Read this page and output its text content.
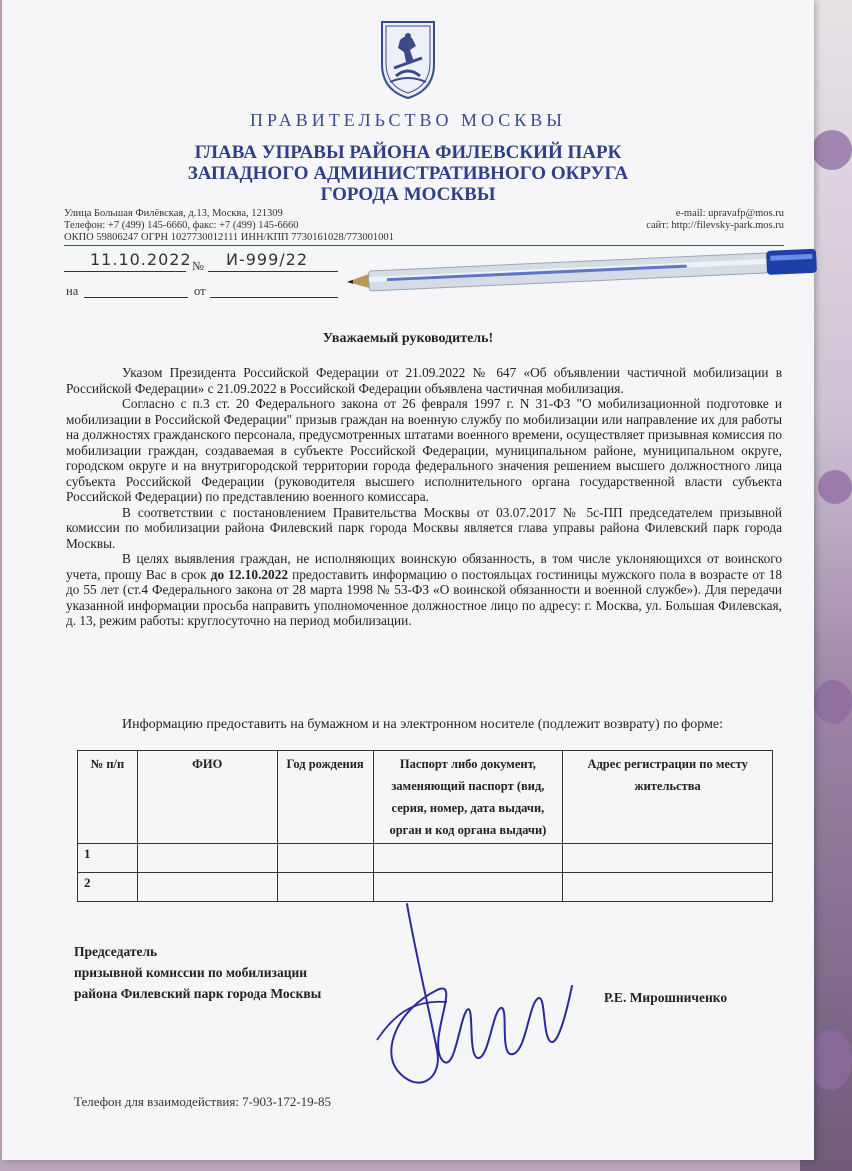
ПРАВИТЕЛЬСТВО МОСКВЫ
ГЛАВА УПРАВЫ РАЙОНА ФИЛЕВСКИЙ ПАРК
ЗАПАДНОГО АДМИНИСТРАТИВНОГО ОКРУГА
ГОРОДА МОСКВЫ
Улица Большая Филёвская, д.13, Москва, 121309
Телефон: +7 (499) 145-6660, факс: +7 (499) 145-6660
ОКПО 59806247 ОГРН 1027730012111 ИНН/КПП 7730161028/773001001
e-mail: upravafp@mos.ru
сайт: http://filevsky-park.mos.ru
11.10.2022 № И-999/22
на	от
Уважаемый руководитель!

Указом Президента Российской Федерации от 21.09.2022 № 647 «Об объявлении частичной мобилизации в Российской Федерации» с 21.09.2022 в Российской Федерации объявлена частичная мобилизация.

Согласно с п.3 ст. 20 Федерального закона от 26 февраля 1997 г. N 31-ФЗ "О мобилизационной подготовке и мобилизации в Российской Федерации" призыв граждан на военную службу по мобилизации или направление их для работы на должностях гражданского персонала, предусмотренных штатами военного времени, осуществляет призывная комиссия по мобилизации граждан, создаваемая в субъекте Российской Федерации, муниципальном районе, муниципальном округе, городском округе и на внутригородской территории города федерального значения решением высшего должностного лица субъекта Российской Федерации (руководителя высшего исполнительного органа государственной власти субъекта Российской Федерации) по представлению военного комиссара.

В соответствии с постановлением Правительства Москвы от 03.07.2017 № 5с-ПП председателем призывной комиссии по мобилизации района Филевский парк города Москвы является глава управы района Филевский парк города Москвы.

В целях выявления граждан, не исполняющих воинскую обязанность, в том числе уклоняющихся от воинского учета, прошу Вас в срок до 12.10.2022 предоставить информацию о постояльцах гостиницы мужского пола в возрасте от 18 до 55 лет (ст.4 Федерального закона от 28 марта 1998 № 53-ФЗ «О воинской обязанности и военной службе»). Для передачи указанной информации просьба направить уполномоченное должностное лицо по адресу: г. Москва, ул. Большая Филевская, д. 13, режим работы: круглосуточно на период мобилизации.

Информацию предоставить на бумажном и на электронном носителе (подлежит возврату) по форме:
№ п/п	ФИО	Год рождения	Паспорт либо документ, заменяющий паспорт (вид, серия, номер, дата выдачи, орган и код органа выдачи)	Адрес регистрации по месту жительства
1				
2				
Председатель
призывной комиссии по мобилизации
района Филевский парк города Москвы	Р.Е. Мирошниченко
Телефон для взаимодействия: 7-903-172-19-85
